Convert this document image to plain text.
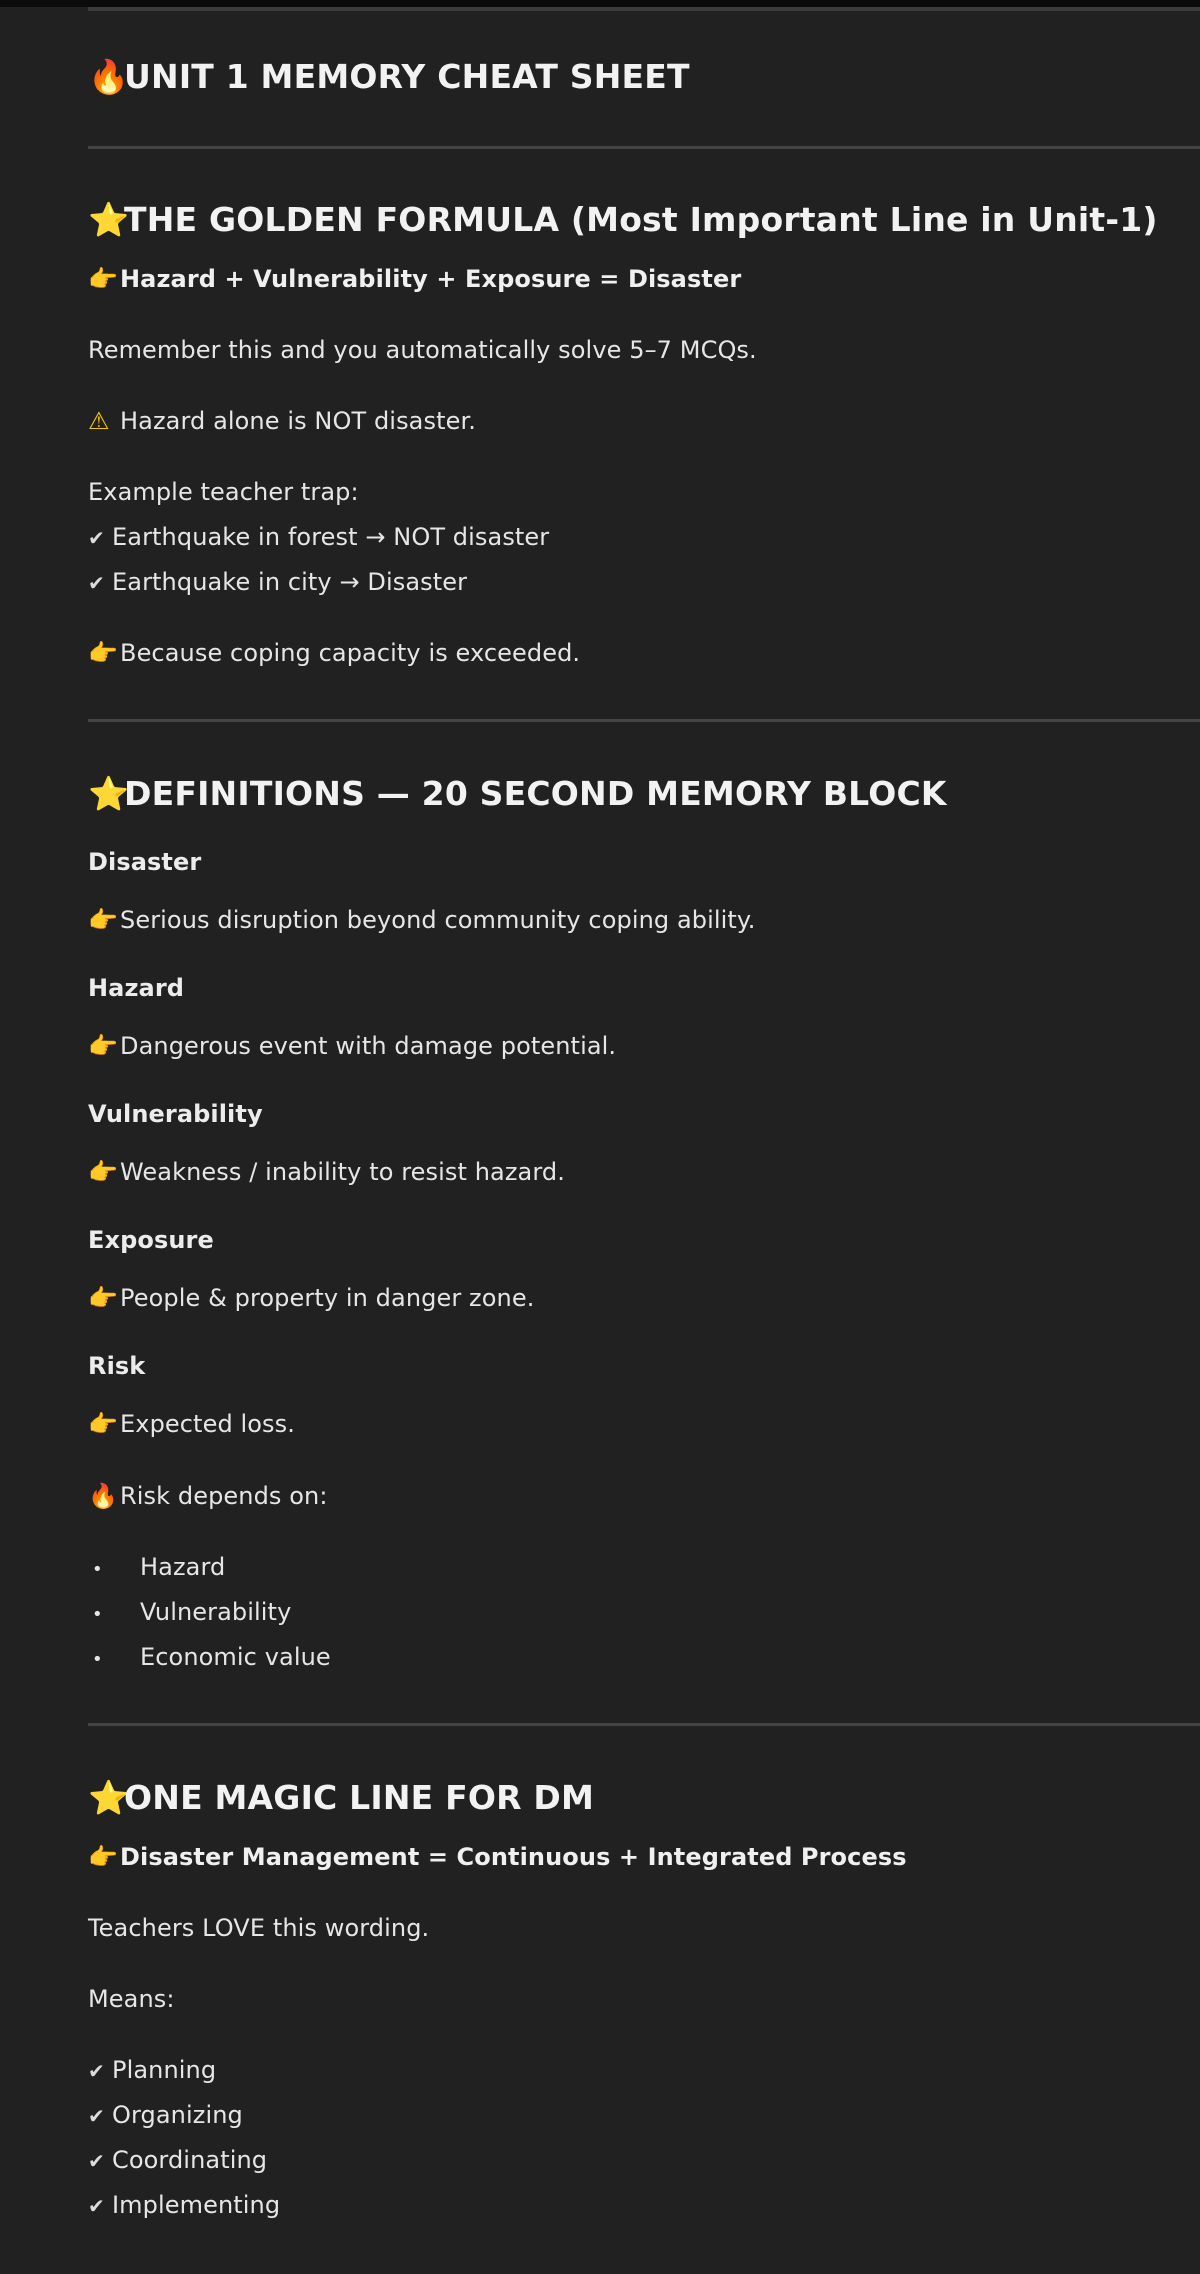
🔥UNIT 1 MEMORY CHEAT SHEET
⭐THE GOLDEN FORMULA (Most Important Line in Unit-1)
👉Hazard + Vulnerability + Exposure = Disaster
Remember this and you automatically solve 5–7 MCQs.
⚠ Hazard alone is NOT disaster.
Example teacher trap:
✔ Earthquake in forest → NOT disaster
✔ Earthquake in city → Disaster
👉Because coping capacity is exceeded.
⭐DEFINITIONS — 20 SECOND MEMORY BLOCK
Disaster
👉Serious disruption beyond community coping ability.
Hazard
👉Dangerous event with damage potential.
Vulnerability
👉Weakness / inability to resist hazard.
Exposure
👉People & property in danger zone.
Risk
👉Expected loss.
🔥Risk depends on:
• Hazard
• Vulnerability
• Economic value
⭐ONE MAGIC LINE FOR DM
👉Disaster Management = Continuous + Integrated Process
Teachers LOVE this wording.
Means:
✔ Planning
✔ Organizing
✔ Coordinating
✔ Implementing
